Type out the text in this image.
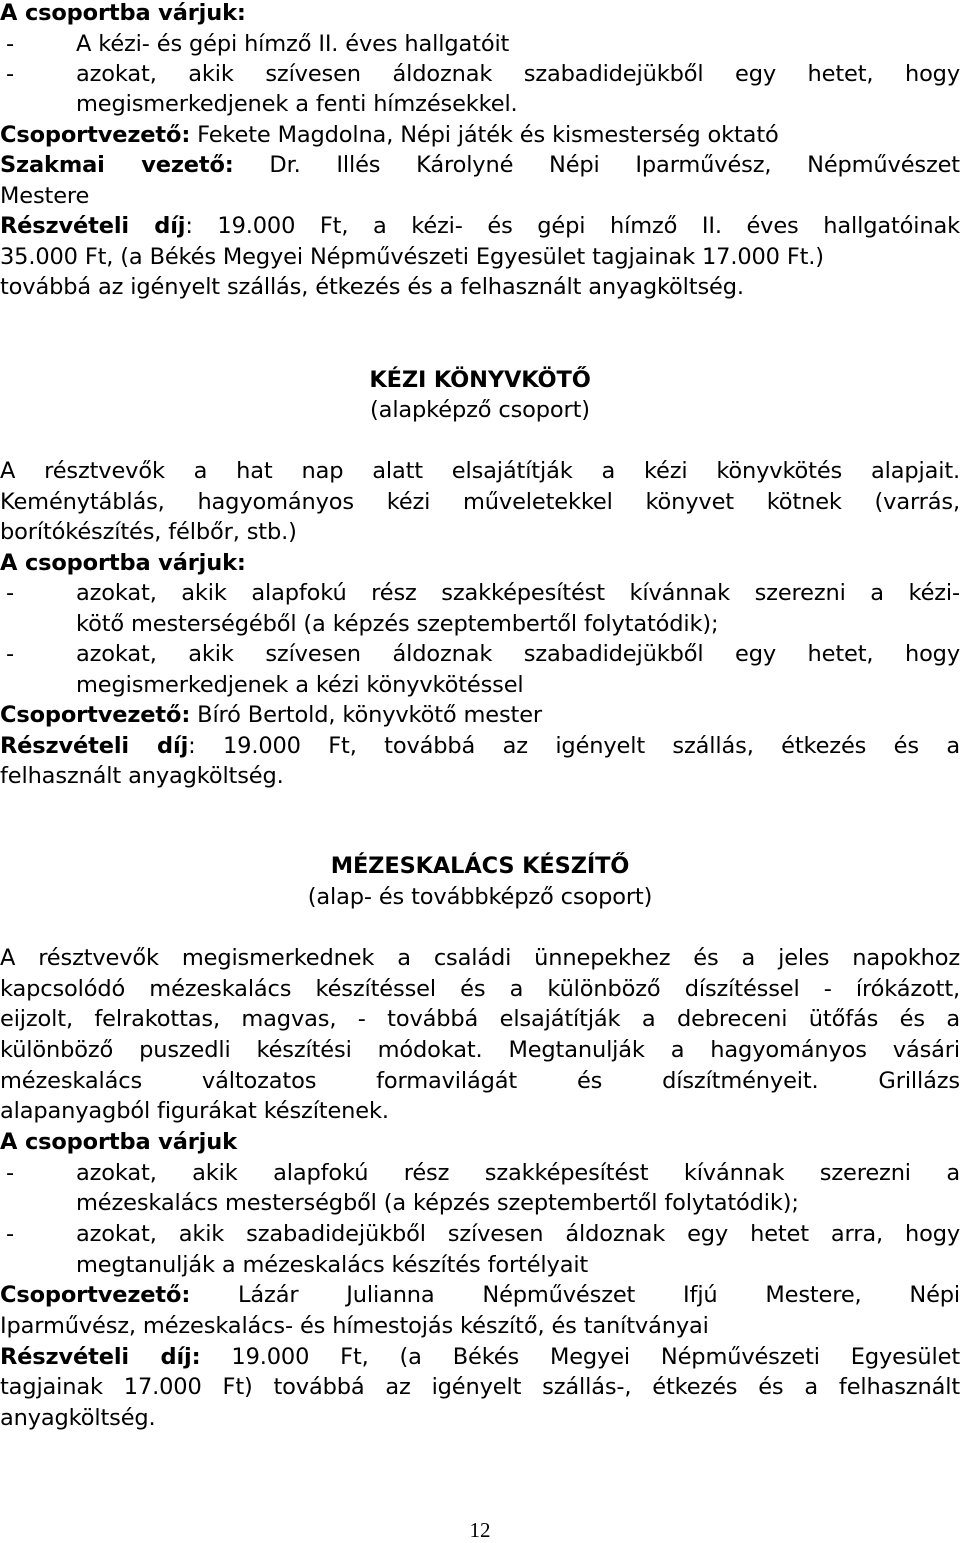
A csoportba várjuk:
-	A kézi- és gépi hímző II. éves hallgatóit
-	azokat, akik szívesen áldoznak szabadidejükből egy hetet, hogy
megismerkedjenek a fenti hímzésekkel.
Csoportvezető: Fekete Magdolna, Népi játék és kismesterség oktató
Szakmai vezető: Dr. Illés Károlyné Népi Iparművész, Népművészet
Mestere
Részvételi díj: 19.000 Ft, a kézi- és gépi hímző II. éves hallgatóinak
35.000 Ft, (a Békés Megyei Népművészeti Egyesület tagjainak 17.000 Ft.)
továbbá az igényelt szállás, étkezés és a felhasznált anyagköltség.
KÉZI KÖNYVKÖTŐ
(alapképző csoport)
A résztvevők a hat nap alatt elsajátítják a kézi könyvkötés alapjait.
Keménytáblás, hagyományos kézi műveletekkel könyvet kötnek (varrás,
borítókészítés, félbőr, stb.)
A csoportba várjuk:
-	azokat, akik alapfokú rész szakképesítést kívánnak szerezni a kézi-
kötő mesterségéből (a képzés szeptembertől folytatódik);
-	azokat, akik szívesen áldoznak szabadidejükből egy hetet, hogy
megismerkedjenek a kézi könyvkötéssel
Csoportvezető: Bíró Bertold, könyvkötő mester
Részvételi díj: 19.000 Ft, továbbá az igényelt szállás, étkezés és a
felhasznált anyagköltség.
MÉZESKALÁCS KÉSZÍTŐ
(alap- és továbbképző csoport)
A résztvevők megismerkednek a családi ünnepekhez és a jeles napokhoz
kapcsolódó mézeskalács készítéssel és a különböző díszítéssel - írókázott,
eijzolt, felrakottas, magvas, - továbbá elsajátítják a debreceni ütőfás és a
különböző puszedli készítési módokat. Megtanulják a hagyományos vásári
mézeskalács változatos formavilágát és díszítményeit. Grillázs
alapanyagból figurákat készítenek.
A csoportba várjuk
-	azokat, akik alapfokú rész szakképesítést kívánnak szerezni a
mézeskalács mesterségből (a képzés szeptembertől folytatódik);
-	azokat, akik szabadidejükből szívesen áldoznak egy hetet arra, hogy
megtanulják a mézeskalács készítés fortélyait
Csoportvezető: Lázár Julianna Népművészet Ifjú Mestere, Népi
Iparművész, mézeskalács- és hímestojás készítő, és tanítványai
Részvételi díj: 19.000 Ft, (a Békés Megyei Népművészeti Egyesület
tagjainak 17.000 Ft) továbbá az igényelt szállás-, étkezés és a felhasznált
anyagköltség.
12
